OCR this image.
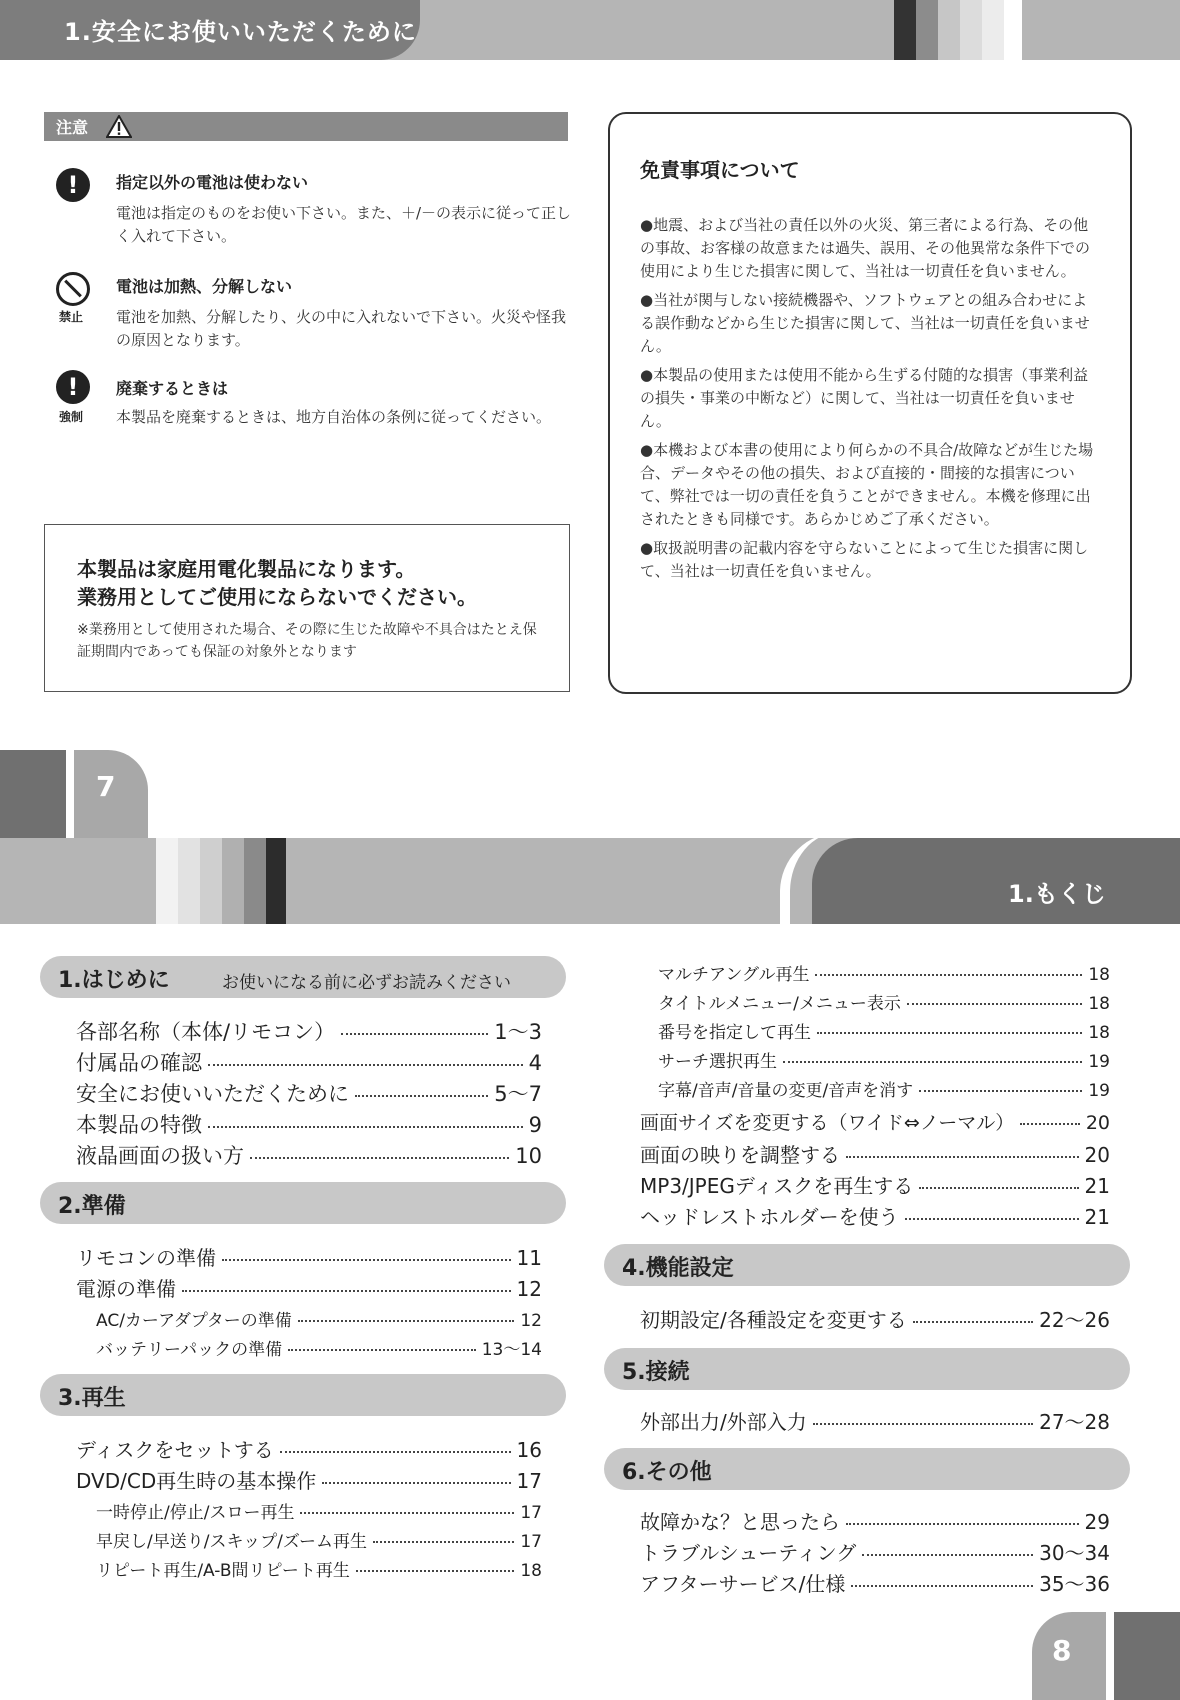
1.安全にお使いいただくために
注意
!	指定以外の電池は使わない
電池は指定のものをお使い下さい。また、＋/－の表示に従って正しく入れて下さい。
禁止
電池は加熱、分解しない
電池を加熱、分解したり、火の中に入れないで下さい。火災や怪我の原因となります。
!
強制
廃棄するときは
本製品を廃棄するときは、地方自治体の条例に従ってください。
本製品は家庭用電化製品になります。
業務用としてご使用にならないでください。
※業務用として使用された場合、その際に生じた故障や不具合はたとえ保証期間内であっても保証の対象外となります
免責事項について
●地震、および当社の責任以外の火災、第三者による行為、その他の事故、お客様の故意または過失、誤用、その他異常な条件下での使用により生じた損害に関して、当社は一切責任を負いません。
●当社が関与しない接続機器や、ソフトウェアとの組み合わせによる誤作動などから生じた損害に関して、当社は一切責任を負いません。
●本製品の使用または使用不能から生ずる付随的な損害（事業利益の損失・事業の中断など）に関して、当社は一切責任を負いません。
●本機および本書の使用により何らかの不具合/故障などが生じた場合、データやその他の損失、および直接的・間接的な損害について、弊社では一切の責任を負うことができません。本機を修理に出されたときも同様です。あらかじめご了承ください。
●取扱説明書の記載内容を守らないことによって生じた損害に関して、当社は一切責任を負いません。
7
1.もくじ
1.はじめに	お使いになる前に必ずお読みください
各部名称（本体/リモコン）	1～3
付属品の確認	4
安全にお使いいただくために	5～7
本製品の特徴	9
液晶画面の扱い方	10
2.準備
リモコンの準備	11
電源の準備	12
AC/カーアダプターの準備	12
バッテリーパックの準備	13～14
3.再生
ディスクをセットする	16
DVD/CD再生時の基本操作	17
一時停止/停止/スロー再生	17
早戻し/早送り/スキップ/ズーム再生	17
リピート再生/A-B間リピート再生	18
マルチアングル再生	18
タイトルメニュー/メニュー表示	18
番号を指定して再生	18
サーチ選択再生	19
字幕/音声/音量の変更/音声を消す	19
画面サイズを変更する（ワイド⇔ノーマル）	20
画面の映りを調整する	20
MP3/JPEGディスクを再生する	21
ヘッドレストホルダーを使う	21
4.機能設定
初期設定/各種設定を変更する	22～26
5.接続
外部出力/外部入力	27～28
6.その他
故障かな？と思ったら	29
トラブルシューティング	30～34
アフターサービス/仕様	35～36
8
